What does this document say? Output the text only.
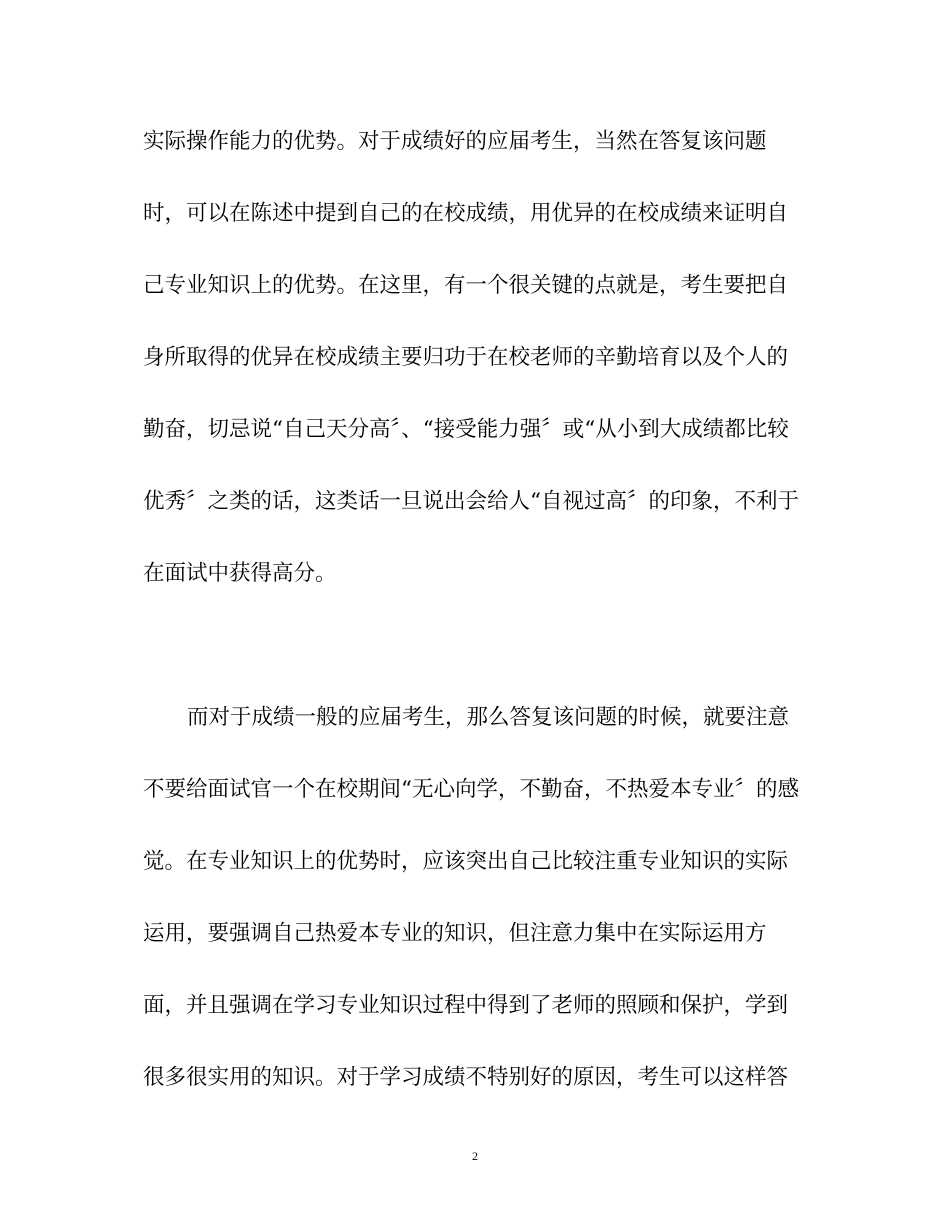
实际操作能力的优势。对于成绩好的应届考生，当然在答复该问题
时，可以在陈述中提到自己的在校成绩，用优异的在校成绩来证明自
己专业知识上的优势。在这里，有一个很关键的点就是，考生要把自
身所取得的优异在校成绩主要归功于在校老师的辛勤培育以及个人的
勤奋，切忌说“自己天分高〞、“接受能力强〞或“从小到大成绩都比较
优秀〞之类的话，这类话一旦说出会给人“自视过高〞的印象，不利于
在面试中获得高分。
而对于成绩一般的应届考生，那么答复该问题的时候，就要注意
不要给面试官一个在校期间“无心向学，不勤奋，不热爱本专业〞的感
觉。在专业知识上的优势时，应该突出自己比较注重专业知识的实际
运用，要强调自己热爱本专业的知识，但注意力集中在实际运用方
面，并且强调在学习专业知识过程中得到了老师的照顾和保护，学到
很多很实用的知识。对于学习成绩不特别好的原因，考生可以这样答
2
